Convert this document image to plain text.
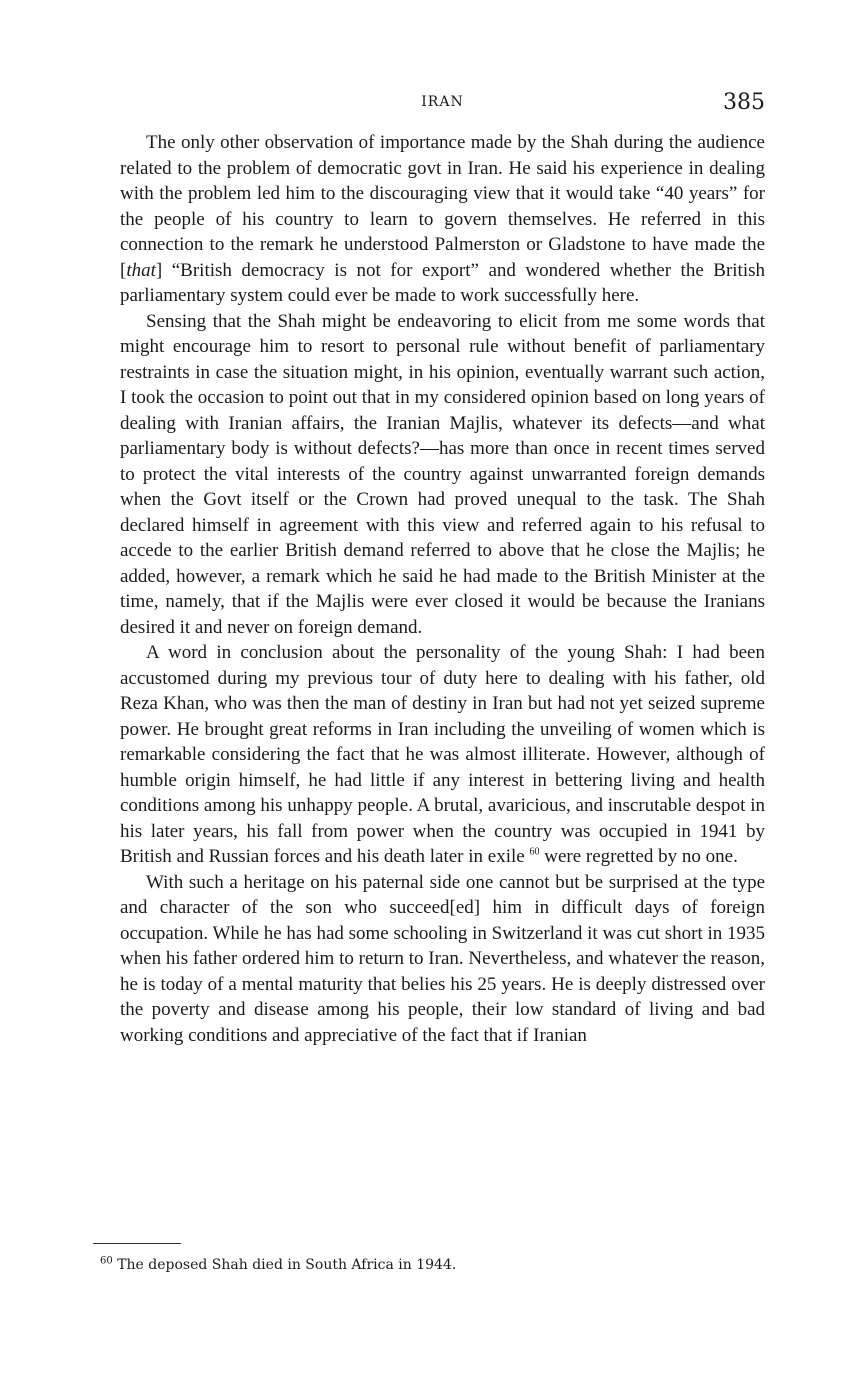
IRAN	385

The only other observation of importance made by the Shah during the audience related to the problem of democratic govt in Iran. He said his experience in dealing with the problem led him to the discouraging view that it would take “40 years” for the people of his country to learn to govern themselves. He referred in this connection to the remark he understood Palmerston or Gladstone to have made the [that] “British democracy is not for export” and wondered whether the British parliamentary system could ever be made to work successfully here.

Sensing that the Shah might be endeavoring to elicit from me some words that might encourage him to resort to personal rule without benefit of parliamentary restraints in case the situation might, in his opinion, eventually warrant such action, I took the occasion to point out that in my considered opinion based on long years of dealing with Iranian affairs, the Iranian Majlis, whatever its defects—and what parliamentary body is without defects?—has more than once in recent times served to protect the vital interests of the country against unwarranted foreign demands when the Govt itself or the Crown had proved unequal to the task. The Shah declared himself in agreement with this view and referred again to his refusal to accede to the earlier British demand referred to above that he close the Majlis; he added, however, a remark which he said he had made to the British Minister at the time, namely, that if the Majlis were ever closed it would be because the Iranians desired it and never on foreign demand.

A word in conclusion about the personality of the young Shah: I had been accustomed during my previous tour of duty here to dealing with his father, old Reza Khan, who was then the man of destiny in Iran but had not yet seized supreme power. He brought great reforms in Iran including the unveiling of women which is remarkable considering the fact that he was almost illiterate. However, although of humble origin himself, he had little if any interest in bettering living and health conditions among his unhappy people. A brutal, avaricious, and inscrutable despot in his later years, his fall from power when the country was occupied in 1941 by British and Russian forces and his death later in exile $^{60}$ were regretted by no one.

With such a heritage on his paternal side one cannot but be surprised at the type and character of the son who succeed[ed] him in difficult days of foreign occupation. While he has had some schooling in Switzerland it was cut short in 1935 when his father ordered him to return to Iran. Nevertheless, and whatever the reason, he is today of a mental maturity that belies his 25 years. He is deeply distressed over the poverty and disease among his people, their low standard of living and bad working conditions and appreciative of the fact that if Iranian

$^{60}$ The deposed Shah died in South Africa in 1944.
